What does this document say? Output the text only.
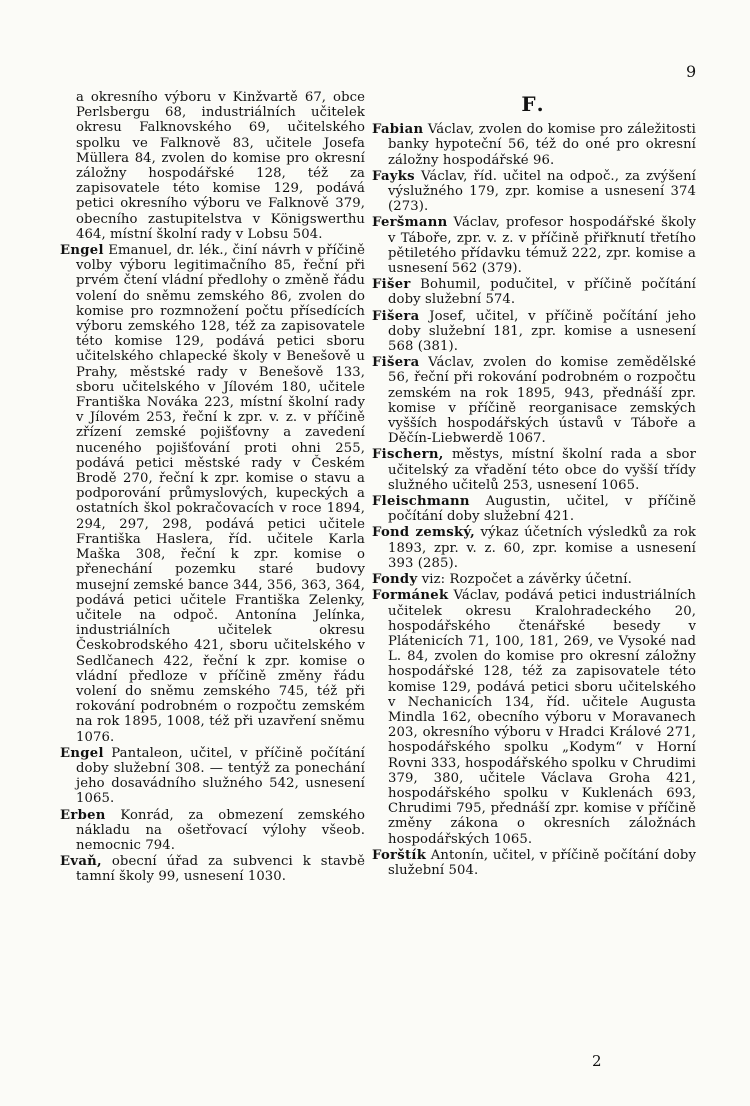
9

a okresního výboru v Kinžvartě 67, obce Perlsbergu 68, industriálních učitelek okresu Falknovského 69, učitelského spolku ve Falknově 83, učitele Josefa Müllera 84, zvolen do komise pro okresní záložny hospodářské 128, též za zapisovatele této komise 129, podává petici okresního výboru ve Falknově 379, obecního zastupitelstva v Königswerthu 464, místní školní rady v Lobsu 504.

Engel Emanuel, dr. lék., činí návrh v příčině volby výboru legitimačního 85, řeční při prvém čtení vládní předlohy o změně řádu volení do sněmu zemského 86, zvolen do komise pro rozmnožení počtu přísedících výboru zemského 128, též za zapisovatele této komise 129, podává petici sboru učitelského chlapecké školy v Benešově u Prahy, městské rady v Benešově 133, sboru učitelského v Jílovém 180, učitele Františka Nováka 223, místní školní rady v Jílovém 253, řeční k zpr. v. z. v příčině zřízení zemské pojišťovny a zavedení nuceného pojišťování proti ohni 255, podává petici městské rady v Českém Brodě 270, řeční k zpr. komise o stavu a podporování průmyslových, kupeckých a ostatních škol pokračovacích v roce 1894, 294, 297, 298, podává petici učitele Františka Haslera, říd. učitele Karla Maška 308, řeční k zpr. komise o přenechání pozemku staré budovy musejní zemské bance 344, 356, 363, 364, podává petici učitele Františka Zelenky, učitele na odpoč. Antonína Jelínka, industriálních učitelek okresu Českobrodského 421, sboru učitelského v Sedlčanech 422, řeční k zpr. komise o vládní předloze v příčině změny řádu volení do sněmu zemského 745, též při rokování podrobném o rozpočtu zemském na rok 1895, 1008, též při uzavření sněmu 1076.

Engel Pantaleon, učitel, v příčině počítání doby služební 308. — tentýž za ponechání jeho dosavádního služného 542, usnesení 1065.

Erben Konrád, za obmezení zemského nákladu na ošetřovací výlohy všeob. nemocnic 794.

Evaň, obecní úřad za subvenci k stavbě tamní školy 99, usnesení 1030.

F.

Fabian Václav, zvolen do komise pro záležitosti banky hypoteční 56, též do oné pro okresní záložny hospodářské 96.

Fayks Václav, říd. učitel na odpoč., za zvýšení výslužného 179, zpr. komise a usnesení 374 (273).

Feršmann Václav, profesor hospodářské školy v Táboře, zpr. v. z. v příčině přiřknutí třetího pětiletého přídavku témuž 222, zpr. komise a usnesení 562 (379).

Fišer Bohumil, podučitel, v příčině počítání doby služební 574.

Fišera Josef, učitel, v příčině počítání jeho doby služební 181, zpr. komise a usnesení 568 (381).

Fišera Václav, zvolen do komise zemědělské 56, řeční při rokování podrobném o rozpočtu zemském na rok 1895, 943, přednáší zpr. komise v příčině reorganisace zemských vyšších hospodářských ústavů v Táboře a Děčín-Liebwerdě 1067.

Fischern, městys, místní školní rada a sbor učitelský za vřadění této obce do vyšší třídy služného učitelů 253, usnesení 1065.

Fleischmann Augustin, učitel, v příčině počítání doby služební 421.

Fond zemský, výkaz účetních výsledků za rok 1893, zpr. v. z. 60, zpr. komise a usnesení 393 (285).

Fondy viz: Rozpočet a závěrky účetní.

Formánek Václav, podává petici industriálních učitelek okresu Kralohradeckého 20, hospodářského čtenářské besedy v Plátenicích 71, 100, 181, 269, ve Vysoké nad L. 84, zvolen do komise pro okresní záložny hospodářské 128, též za zapisovatele této komise 129, podává petici sboru učitelského v Nechanicích 134, říd. učitele Augusta Mindla 162, obecního výboru v Moravanech 203, okresního výboru v Hradci Králové 271, hospodářského spolku „Kodym“ v Horní Rovni 333, hospodářského spolku v Chrudimi 379, 380, učitele Václava Groha 421, hospodářského spolku v Kuklenách 693, Chrudimi 795, přednáší zpr. komise v příčině změny zákona o okresních záložnách hospodářských 1065.

Forštík Antonín, učitel, v příčině počítání doby služební 504.

2
